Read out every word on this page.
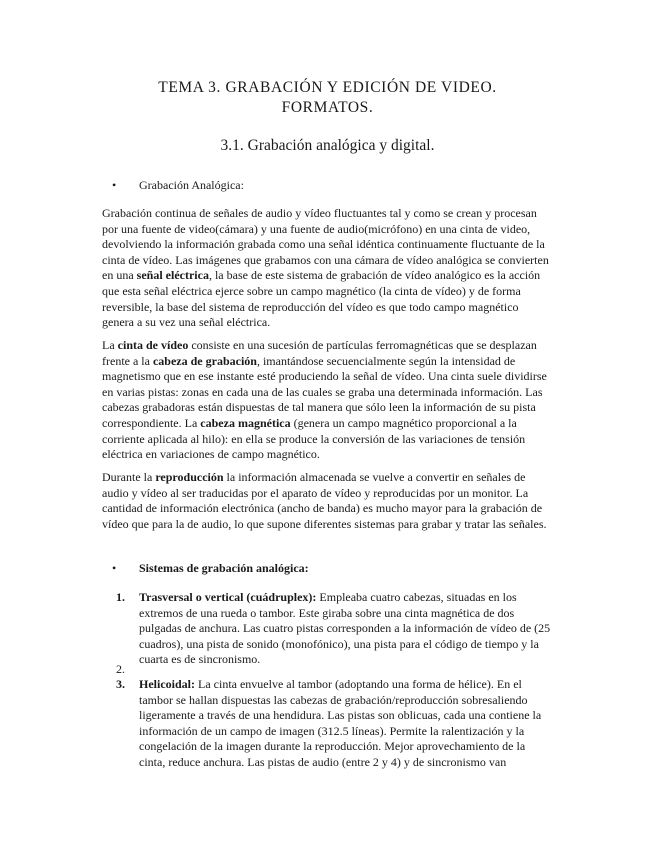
TEMA 3. GRABACIÓN Y EDICIÓN DE VIDEO.
FORMATOS.
3.1. Grabación analógica y digital.
• Grabación Analógica:
Grabación continua de señales de audio y vídeo fluctuantes tal y como se crean y procesan por una fuente de video(cámara) y una fuente de audio(micrófono) en una cinta de video, devolviendo la información grabada como una señal idéntica continuamente fluctuante de la cinta de vídeo. Las imágenes que grabamos con una cámara de vídeo analógica se convierten en una señal eléctrica, la base de este sistema de grabación de vídeo analógico es la acción que esta señal eléctrica ejerce sobre un campo magnético (la cinta de vídeo) y de forma reversible, la base del sistema de reproducción del vídeo es que todo campo magnético genera a su vez una señal eléctrica.
La cinta de vídeo consiste en una sucesión de partículas ferromagnéticas que se desplazan frente a la cabeza de grabación, imantándose secuencialmente según la intensidad de magnetismo que en ese instante esté produciendo la señal de vídeo. Una cinta suele dividirse en varias pistas: zonas en cada una de las cuales se graba una determinada información. Las cabezas grabadoras están dispuestas de tal manera que sólo leen la información de su pista correspondiente. La cabeza magnética (genera un campo magnético proporcional a la corriente aplicada al hilo): en ella se produce la conversión de las variaciones de tensión eléctrica en variaciones de campo magnético.
Durante la reproducción la información almacenada se vuelve a convertir en señales de audio y vídeo al ser traducidas por el aparato de vídeo y reproducidas por un monitor. La cantidad de información electrónica (ancho de banda) es mucho mayor para la grabación de vídeo que para la de audio, lo que supone diferentes sistemas para grabar y tratar las señales.
• Sistemas de grabación analógica:
1. Trasversal o vertical (cuádruplex): Empleaba cuatro cabezas, situadas en los extremos de una rueda o tambor. Este giraba sobre una cinta magnética de dos pulgadas de anchura. Las cuatro pistas corresponden a la información de vídeo de (25 cuadros), una pista de sonido (monofónico), una pista para el código de tiempo y la cuarta es de sincronismo.
2.
3. Helicoidal: La cinta envuelve al tambor (adoptando una forma de hélice). En el tambor se hallan dispuestas las cabezas de grabación/reproducción sobresaliendo ligeramente a través de una hendidura. Las pistas son oblicuas, cada una contiene la información de un campo de imagen (312.5 líneas). Permite la ralentización y la congelación de la imagen durante la reproducción. Mejor aprovechamiento de la cinta, reduce anchura. Las pistas de audio (entre 2 y 4) y de sincronismo van
